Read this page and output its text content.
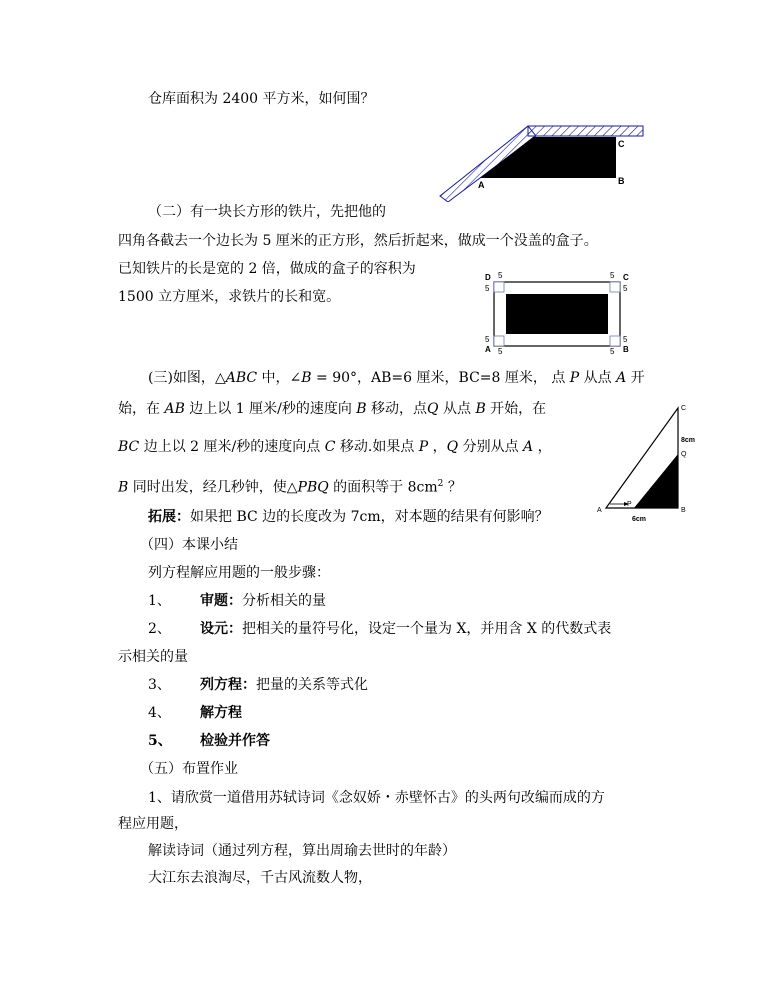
仓库面积为 2400 平方米，如何围？
C
B
A
（二）有一块长方形的铁片，先把他的
四角各截去一个边长为 5 厘米的正方形，然后折起来，做成一个没盖的盒子。
已知铁片的长是宽的 2 倍，做成的盒子的容积为
1500 立方厘米，求铁片的长和宽。
D 5	5 C
5	5
5	5
A 5	5 B
(三)如图，△ABC 中，∠B = 90°，AB=6 厘米，BC=8 厘米， 点 P 从点 A 开
始，在 AB 边上以 1 厘米/秒的速度向 B 移动，点Q 从点 B 开始，在
BC 边上以 2 厘米/秒的速度向点 C 移动.如果点 P ，Q 分别从点 A ，
B 同时出发，经几秒钟，使△PBQ 的面积等于 $8cm^2$ ？
C
8cm
Q
B
A
P
6cm
拓展：如果把 BC 边的长度改为 7cm，对本题的结果有何影响？
（四）本课小结
列方程解应用题的一般步骤：
1、 审题：分析相关的量
2、 设元：把相关的量符号化，设定一个量为 X，并用含 X 的代数式表
示相关的量
3、 列方程：把量的关系等式化
4、 解方程
5、 检验并作答
（五）布置作业
1、请欣赏一道借用苏轼诗词《念奴娇・赤壁怀古》的头两句改编而成的方
程应用题，
解读诗词（通过列方程，算出周瑜去世时的年龄）
大江东去浪淘尽，千古风流数人物，
